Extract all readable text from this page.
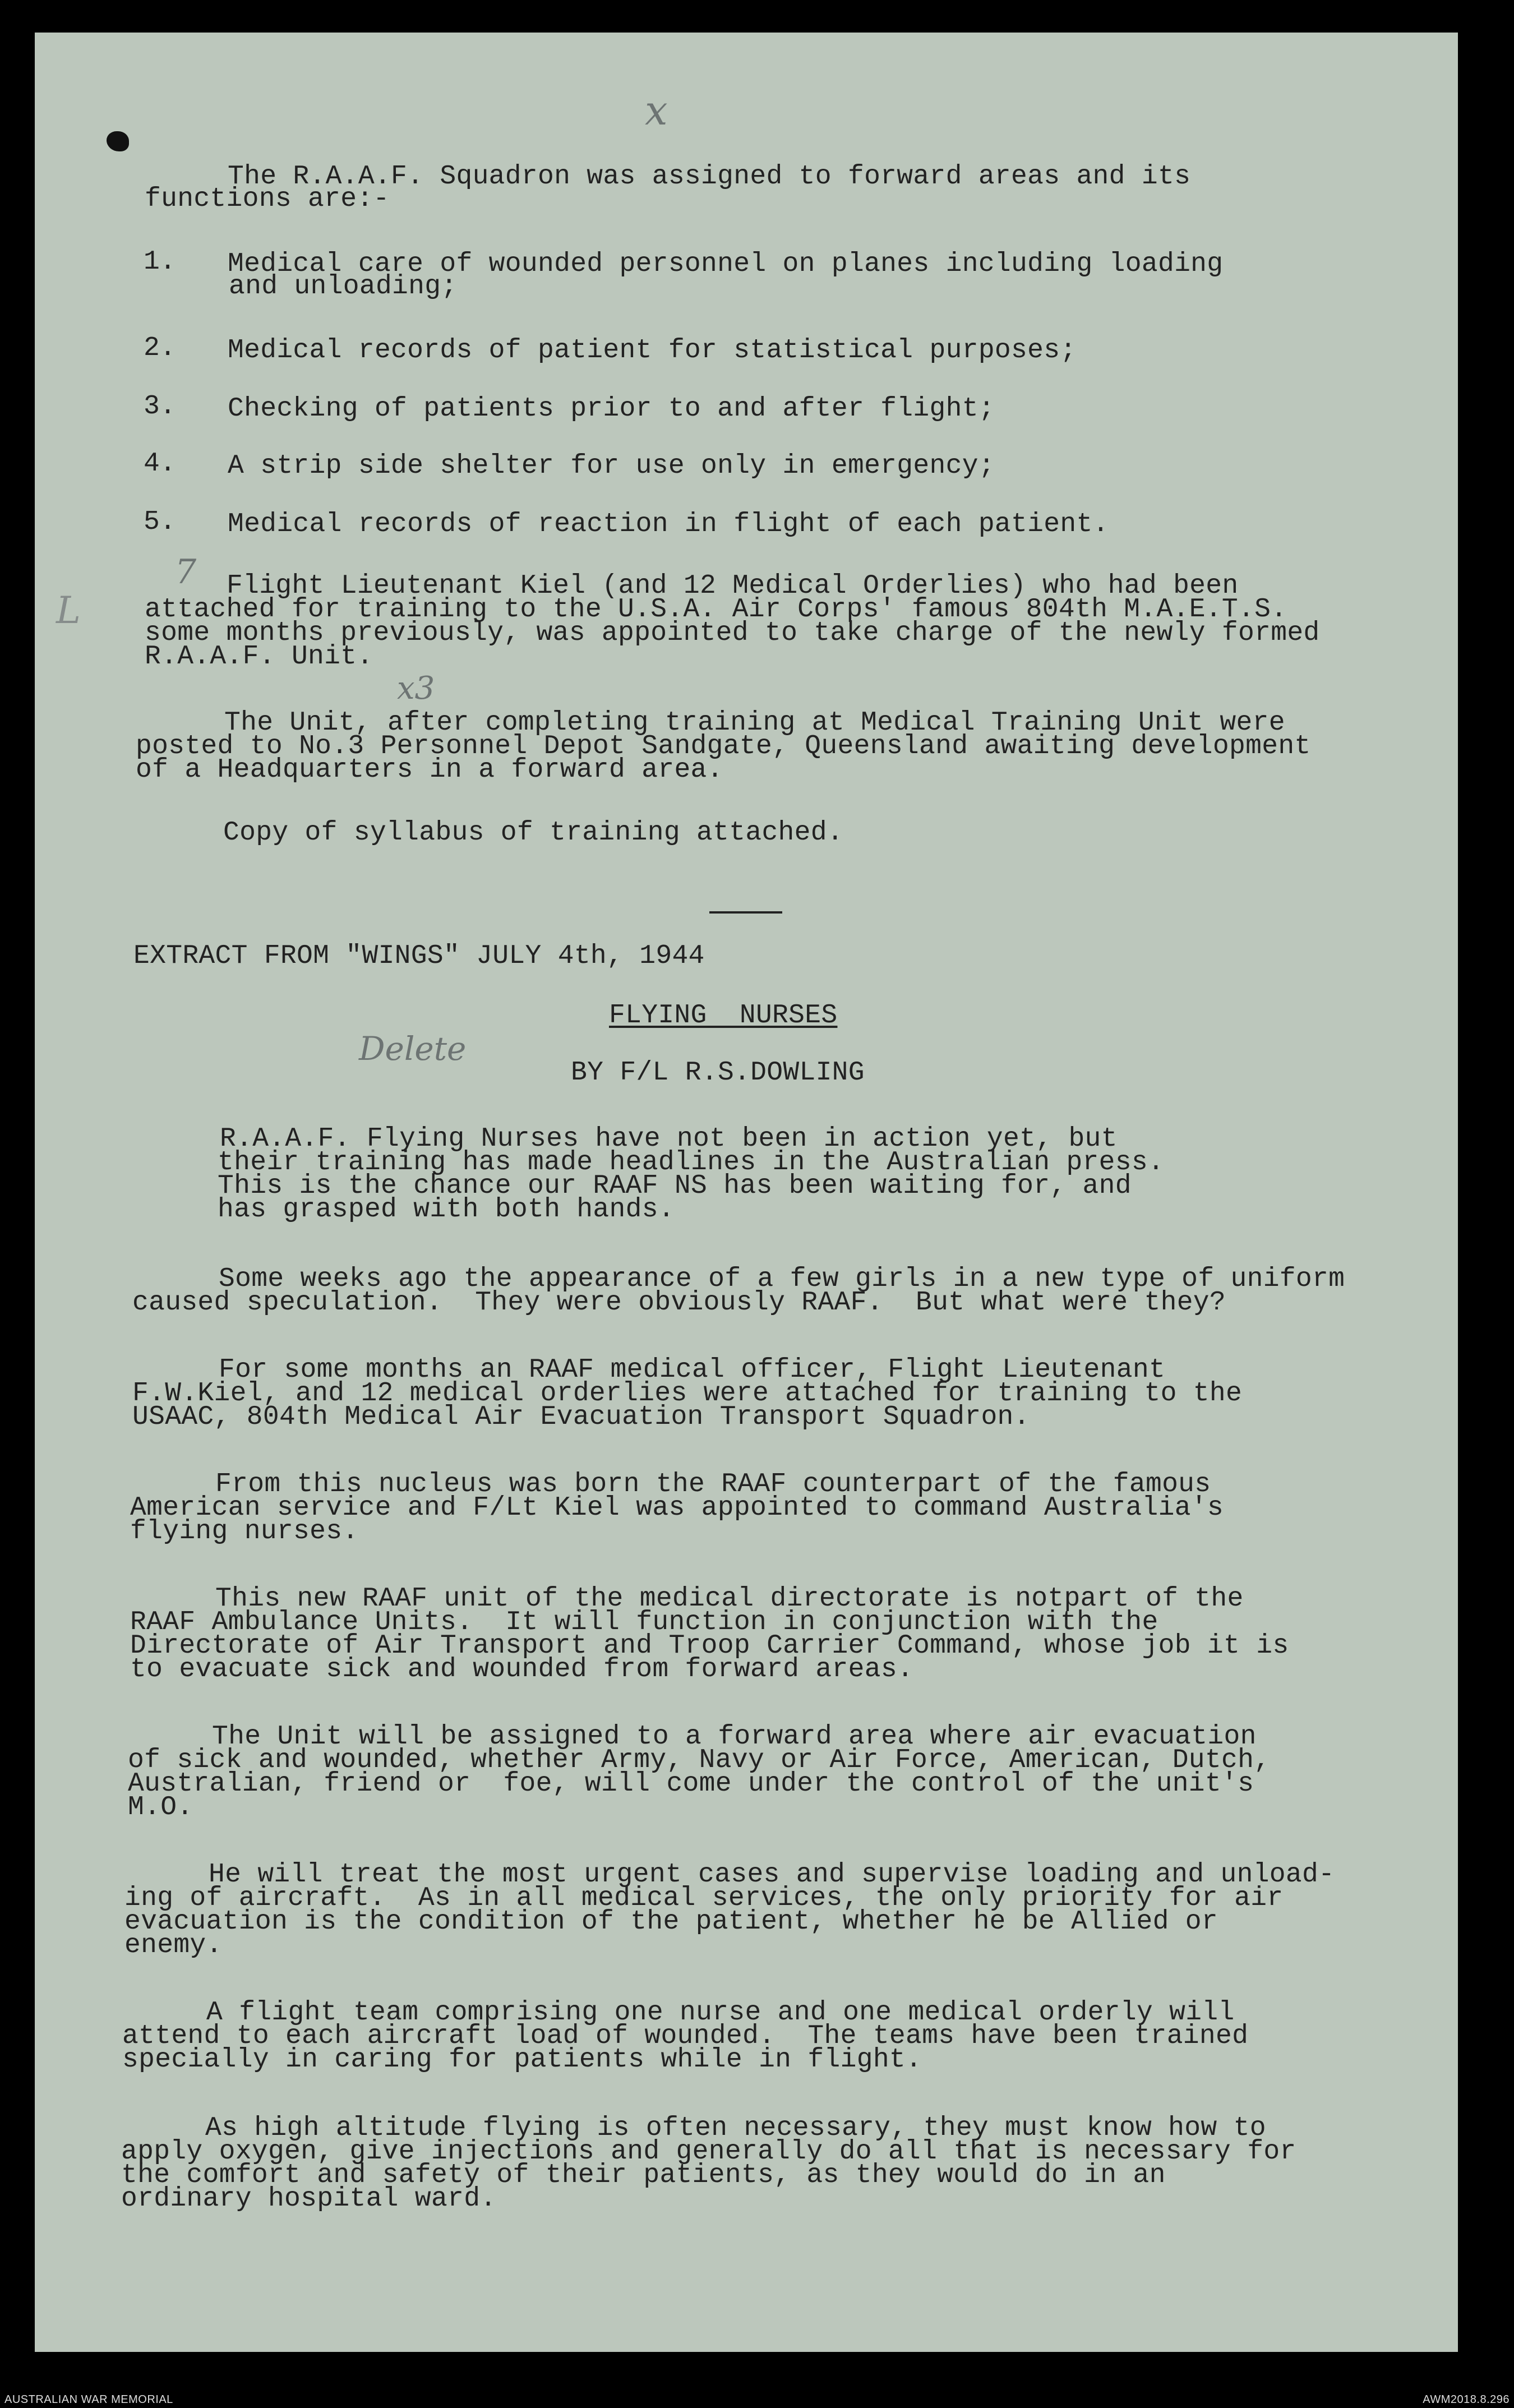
x
7
L
x3
Delete
The R.A.A.F. Squadron was assigned to forward areas and its
functions are:-
1. Medical care of wounded personnel on planes including loading
and unloading;
2. Medical records of patient for statistical purposes;
3. Checking of patients prior to and after flight;
4. A strip side shelter for use only in emergency;
5. Medical records of reaction in flight of each patient.
Flight Lieutenant Kiel (and 12 Medical Orderlies) who had been
attached for training to the U.S.A. Air Corps' famous 804th M.A.E.T.S.
some months previously, was appointed to take charge of the newly formed
R.A.A.F. Unit.
The Unit, after completing training at Medical Training Unit were
posted to No.3 Personnel Depot Sandgate, Queensland awaiting development
of a Headquarters in a forward area.
Copy of syllabus of training attached.
EXTRACT FROM "WINGS" JULY 4th, 1944
FLYING  NURSES
BY F/L R.S.DOWLING
R.A.A.F. Flying Nurses have not been in action yet, but
their training has made headlines in the Australian press.
This is the chance our RAAF NS has been waiting for, and
has grasped with both hands.
Some weeks ago the appearance of a few girls in a new type of uniform
caused speculation.  They were obviously RAAF.  But what were they?
For some months an RAAF medical officer, Flight Lieutenant
F.W.Kiel, and 12 medical orderlies were attached for training to the
USAAC, 804th Medical Air Evacuation Transport Squadron.
From this nucleus was born the RAAF counterpart of the famous
American service and F/Lt Kiel was appointed to command Australia's
flying nurses.
This new RAAF unit of the medical directorate is notpart of the
RAAF Ambulance Units.  It will function in conjunction with the
Directorate of Air Transport and Troop Carrier Command, whose job it is
to evacuate sick and wounded from forward areas.
The Unit will be assigned to a forward area where air evacuation
of sick and wounded, whether Army, Navy or Air Force, American, Dutch,
Australian, friend or  foe, will come under the control of the unit's
M.O.
He will treat the most urgent cases and supervise loading and unload-
ing of aircraft.  As in all medical services, the only priority for air
evacuation is the condition of the patient, whether he be Allied or
enemy.
A flight team comprising one nurse and one medical orderly will
attend to each aircraft load of wounded.  The teams have been trained
specially in caring for patients while in flight.
As high altitude flying is often necessary, they must know how to
apply oxygen, give injections and generally do all that is necessary for
the comfort and safety of their patients, as they would do in an
ordinary hospital ward.
AUSTRALIAN WAR MEMORIAL	AWM2018.8.296
